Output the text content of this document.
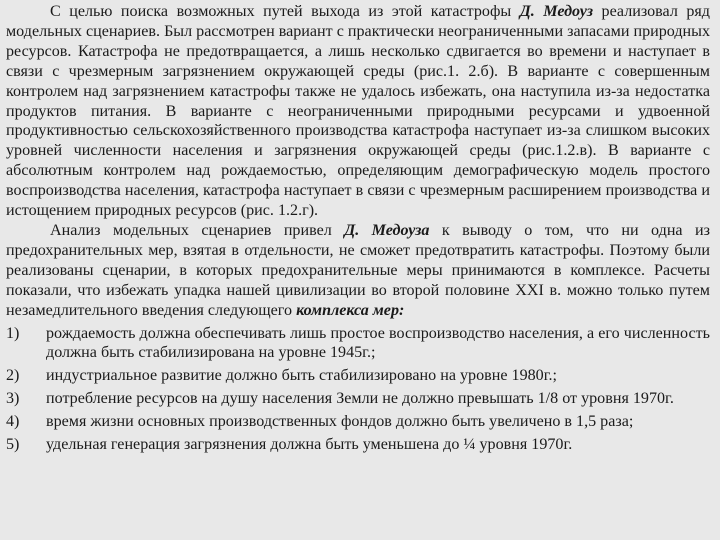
С целью поиска возможных путей выхода из этой катастрофы Д. Медоуз реализовал ряд модельных сценариев. Был рассмотрен вариант с практически неограниченными запасами природных ресурсов. Катастрофа не предотвращается, а лишь несколько сдвигается во времени и наступает в связи с чрезмерным загрязнением окружающей среды (рис.1. 2.б). В варианте с совершенным контролем над загрязнением катастрофы также не удалось избежать, она наступила из-за недостатка продуктов питания. В варианте с неограниченными природными ресурсами и удвоенной продуктивностью сельскохозяйственного производства катастрофа наступает из-за слишком высоких уровней численности населения и загрязнения окружающей среды (рис.1.2.в). В варианте с абсолютным контролем над рождаемостью, определяющим демографическую модель простого воспроизводства населения, катастрофа наступает в связи с чрезмерным расширением производства и истощением природных ресурсов (рис. 1.2.г).

Анализ модельных сценариев привел Д. Медоуза к выводу о том, что ни одна из предохранительных мер, взятая в отдельности, не сможет предотвратить катастрофы. Поэтому были реализованы сценарии, в которых предохранительные меры принимаются в комплексе. Расчеты показали, что избежать упадка нашей цивилизации во второй половине XXI в. можно только путем незамедлительного введения следующего комплекса мер:

1) рождаемость должна обеспечивать лишь простое воспроизводство населения, а его численность должна быть стабилизирована на уровне 1945г.;
2) индустриальное развитие должно быть стабилизировано на уровне 1980г.;
3) потребление ресурсов на душу населения Земли не должно превышать 1/8 от уровня 1970г.
4) время жизни основных производственных фондов должно быть увеличено в 1,5 раза;
5) удельная генерация загрязнения должна быть уменьшена до ¼ уровня 1970г.
